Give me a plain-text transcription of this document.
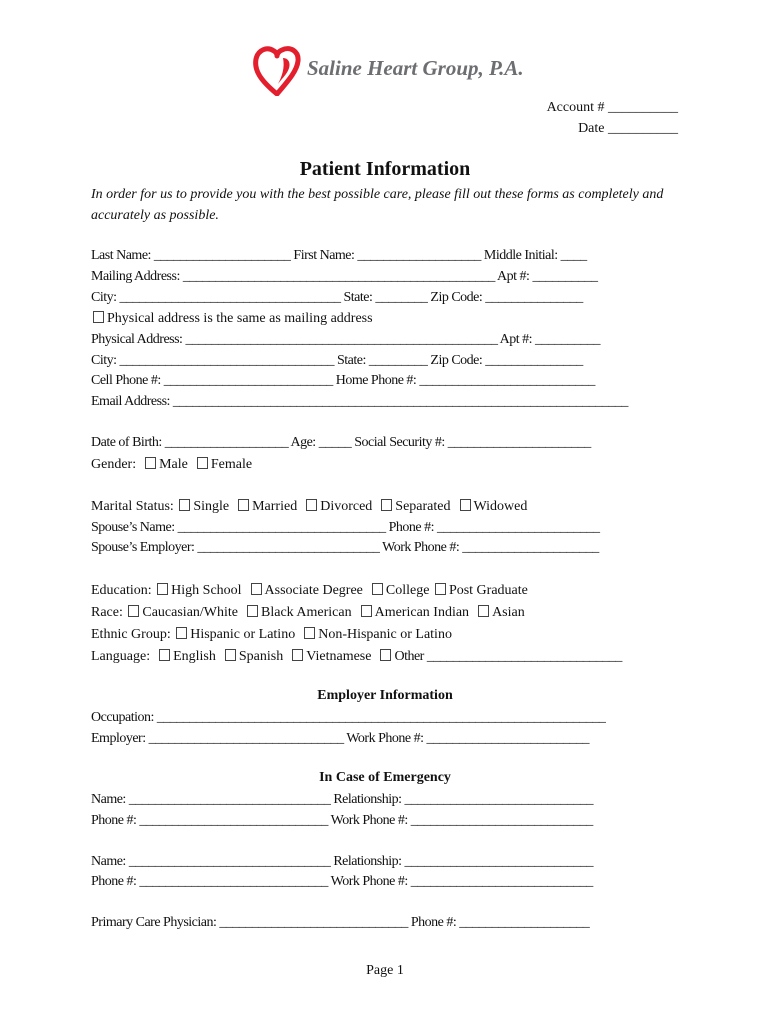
Saline Heart Group, P.A.
Account # __________
Date __________
Patient Information
In order for us to provide you with the best possible care, please fill out these forms as completely and accurately as possible.
Last Name: _____________________ First Name: ___________________ Middle Initial: ____
Mailing Address: ________________________________________________ Apt #: __________
City: __________________________________ State: ________ Zip Code: _______________
Physical address is the same as mailing address
Physical Address: ________________________________________________ Apt #: __________
City: _________________________________ State: _________ Zip Code: _______________
Cell Phone #: __________________________ Home Phone #: ___________________________
Email Address: ______________________________________________________________________
Date of Birth: ___________________ Age: _____ Social Security #: ______________________
Gender: Male Female
Marital Status: Single Married Divorced Separated Widowed
Spouse’s Name: ________________________________ Phone #: _________________________
Spouse’s Employer: ____________________________ Work Phone #: _____________________
Education: High School Associate Degree College Post Graduate
Race: Caucasian/White Black American American Indian Asian
Ethnic Group: Hispanic or Latino Non-Hispanic or Latino
Language: English Spanish Vietnamese Other ______________________________
Employer Information
Occupation: _____________________________________________________________________
Employer: ______________________________ Work Phone #: _________________________
In Case of Emergency
Name: _______________________________ Relationship: _____________________________
Phone #: _____________________________ Work Phone #: ____________________________
Name: _______________________________ Relationship: _____________________________
Phone #: _____________________________ Work Phone #: ____________________________
Primary Care Physician: _____________________________ Phone #: ____________________
Page 1
